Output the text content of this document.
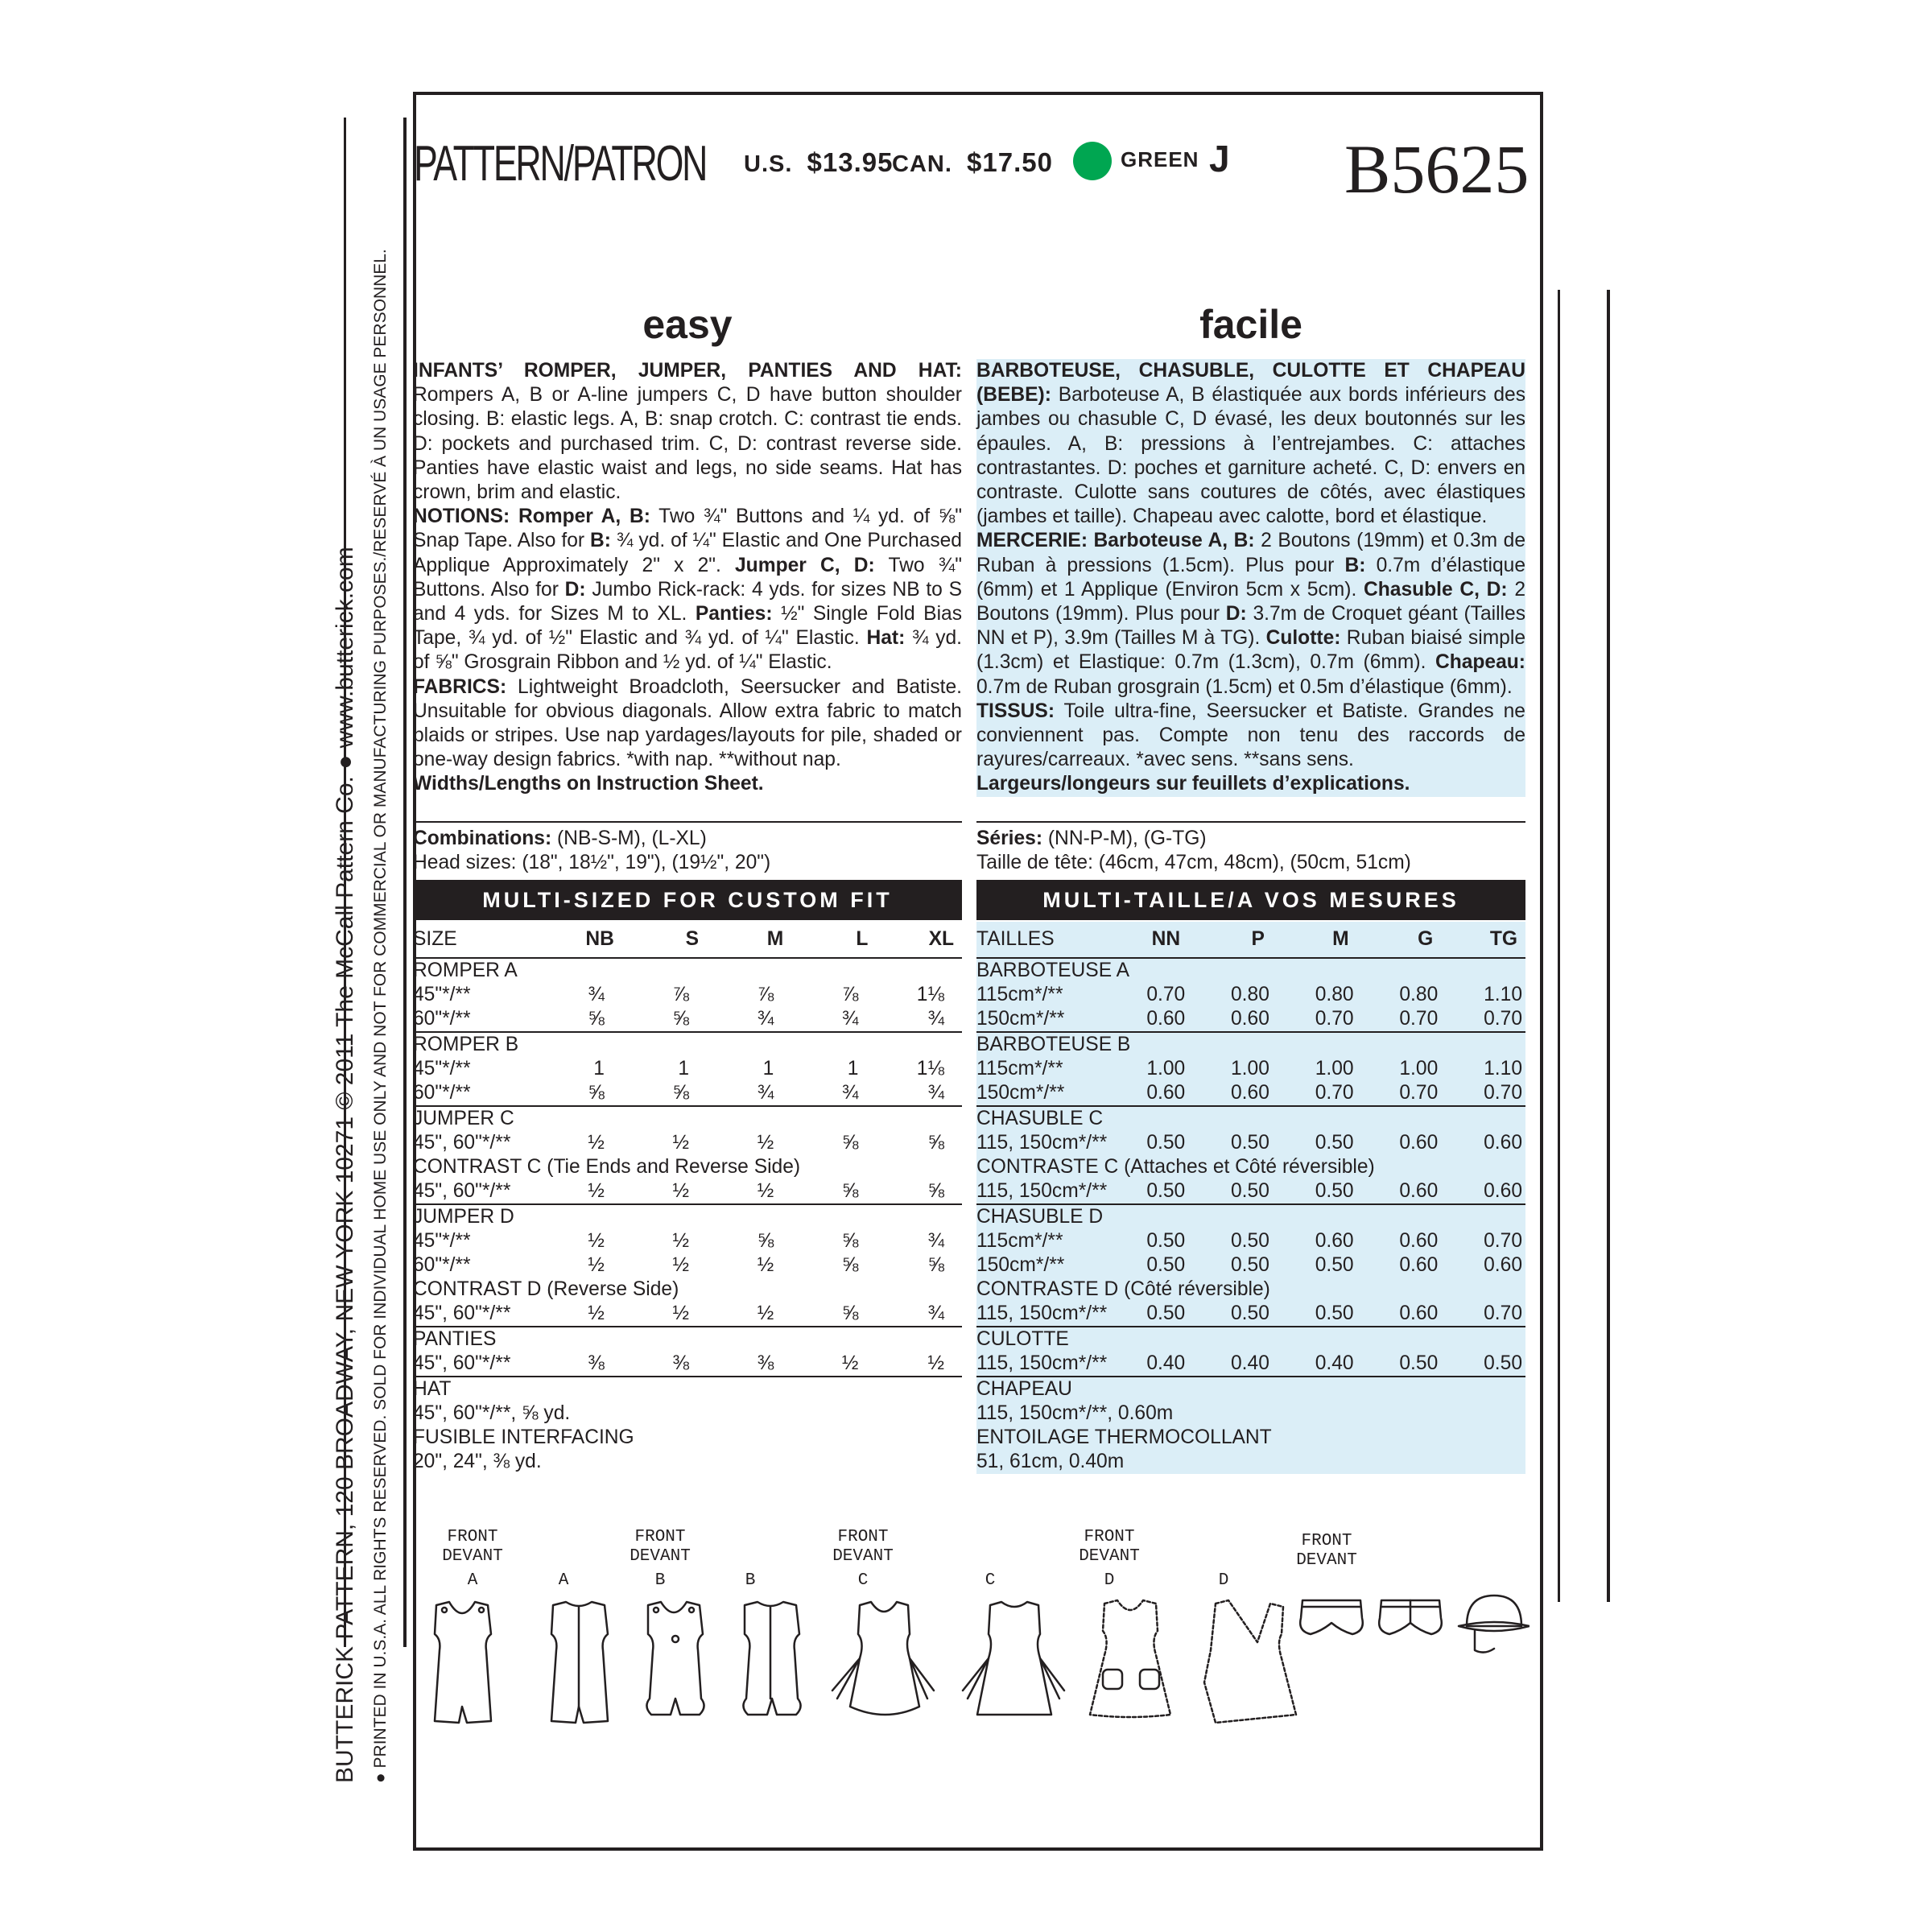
BUTTERICK PATTERN, 120 BROADWAY, NEW YORK 10271 © 2011 The McCall Pattern Co. ● www.butterick.com ● PRINTED IN U.S.A. ALL RIGHTS RESERVED. SOLD FOR INDIVIDUAL HOME USE ONLY AND NOT FOR COMMERCIAL OR MANUFACTURING PURPOSES./RESERVÉ À UN USAGE PERSONNEL.
PATTERN/PATRON U.S. $13.95
CAN. $17.50	GREEN J B5625
easy	facile

INFANTS’ ROMPER, JUMPER, PANTIES AND HAT: Rompers A, B or A-line jumpers C, D have button shoulder closing. B: elastic legs. A, B: snap crotch. C: contrast tie ends. D: pockets and purchased trim. C, D: contrast reverse side. Panties have elastic waist and legs, no side seams. Hat has crown, brim and elastic.

NOTIONS: Romper A, B: Two ¾" Buttons and ¼ yd. of ⅝" Snap Tape. Also for B: ¾ yd. of ¼" Elastic and One Purchased Applique Approximately 2" x 2". Jumper C, D: Two ¾" Buttons. Also for D: Jumbo Rick-rack: 4 yds. for sizes NB to S and 4 yds. for Sizes M to XL. Panties: ½" Single Fold Bias Tape, ¾ yd. of ½" Elastic and ¾ yd. of ¼" Elastic. Hat: ¾ yd. of ⅝" Grosgrain Ribbon and ½ yd. of ¼" Elastic.

FABRICS: Lightweight Broadcloth, Seersucker and Batiste. Unsuitable for obvious diagonals. Allow extra fabric to match plaids or stripes. Use nap yardages/layouts for pile, shaded or one-way design fabrics. *with nap. **without nap.

Widths/Lengths on Instruction Sheet.

BARBOTEUSE, CHASUBLE, CULOTTE ET CHAPEAU (BEBE): Barboteuse A, B élastiquée aux bords inférieurs des jambes ou chasuble C, D évasé, les deux boutonnés sur les épaules. A, B: pressions à l’entrejambes. C: attaches contrastantes. D: poches et garniture acheté. C, D: envers en contraste. Culotte sans coutures de côtés, avec élastiques (jambes et taille). Chapeau avec calotte, bord et élastique.

MERCERIE: Barboteuse A, B: 2 Boutons (19mm) et 0.3m de Ruban à pressions (1.5cm). Plus pour B: 0.7m d’élastique (6mm) et 1 Applique (Environ 5cm x 5cm). Chasuble C, D: 2 Boutons (19mm). Plus pour D: 3.7m de Croquet géant (Tailles NN et P), 3.9m (Tailles M à TG). Culotte: Ruban biaisé simple (1.3cm) et Elastique: 0.7m (1.3cm), 0.7m (6mm). Chapeau: 0.7m de Ruban grosgrain (1.5cm) et 0.5m d’élastique (6mm).

TISSUS: Toile ultra-fine, Seersucker et Batiste. Grandes ne conviennent pas. Compte non tenu des raccords de rayures/carreaux. *avec sens. **sans sens.

Largeurs/longeurs sur feuillets d’explications.

Combinations: (NB-S-M), (L-XL)
Head sizes: (18", 18½", 19"), (19½", 20")
Séries: (NN-P-M), (G-TG)
Taille de tête: (46cm, 47cm, 48cm), (50cm, 51cm)
MULTI-SIZED FOR CUSTOM FIT	MULTI-TAILLE/A VOS MESURES
SIZE	NB	S	M	L	XL
ROMPER A					
45"*/**	¾	⅞	⅞	⅞	1⅛
60"*/**	⅝	⅝	¾	¾	¾
ROMPER B					
45"*/**	1	1	1	1	1⅛
60"*/**	⅝	⅝	¾	¾	¾
JUMPER C					
45", 60"*/**	½	½	½	⅝	⅝
CONTRAST C (Tie Ends and Reverse Side)					
45", 60"*/**	½	½	½	⅝	⅝
JUMPER D					
45"*/**	½	½	⅝	⅝	¾
60"*/**	½	½	½	⅝	⅝
CONTRAST D (Reverse Side)					
45", 60"*/**	½	½	½	⅝	¾
PANTIES					
45", 60"*/**	⅜	⅜	⅜	½	½
HAT					
45", 60"*/**, ⅝ yd.					
FUSIBLE INTERFACING					
20", 24", ⅜ yd.					
TAILLES	NN	P	M	G	TG
BARBOTEUSE A					
115cm*/**	0.70	0.80	0.80	0.80	1.10
150cm*/**	0.60	0.60	0.70	0.70	0.70
BARBOTEUSE B					
115cm*/**	1.00	1.00	1.00	1.00	1.10
150cm*/**	0.60	0.60	0.70	0.70	0.70
CHASUBLE C					
115, 150cm*/**	0.50	0.50	0.50	0.60	0.60
CONTRASTE C (Attaches et Côté réversible)					
115, 150cm*/**	0.50	0.50	0.50	0.60	0.60
CHASUBLE D					
115cm*/**	0.50	0.50	0.60	0.60	0.70
150cm*/**	0.50	0.50	0.50	0.60	0.60
CONTRASTE D (Côté réversible)					
115, 150cm*/**	0.50	0.50	0.50	0.60	0.70
CULOTTE					
115, 150cm*/**	0.40	0.40	0.40	0.50	0.50
CHAPEAU					
115, 150cm*/**, 0.60m					
ENTOILAGE THERMOCOLLANT					
51, 61cm, 0.40m					
FRONT
DEVANT
A	A
FRONT
DEVANT
B	B
FRONT
DEVANT
C	C
FRONT
DEVANT
D	D
FRONT
DEVANT
